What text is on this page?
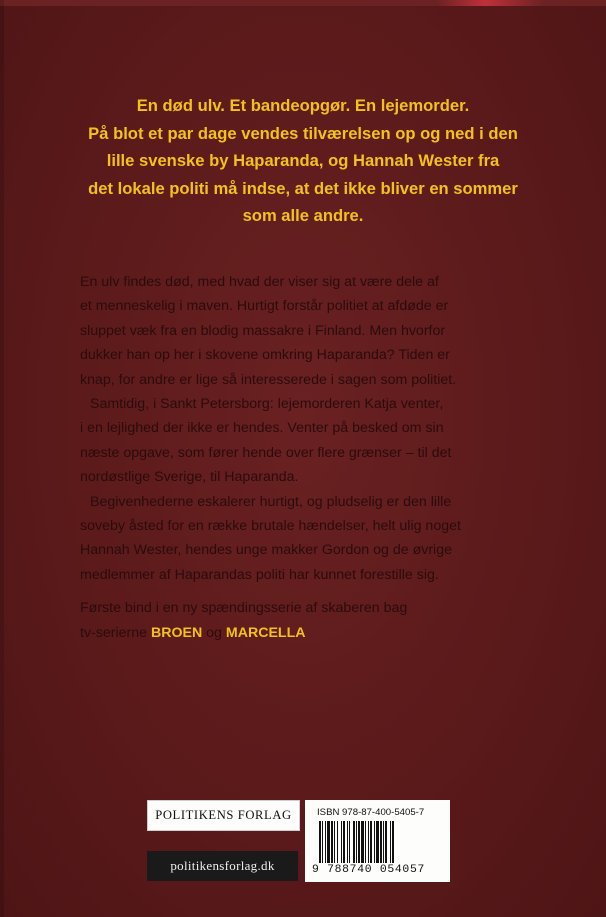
En død ulv. Et bandeopgør. En lejemorder.
På blot et par dage vendes tilværelsen op og ned i den
lille svenske by Haparanda, og Hannah Wester fra
det lokale politi må indse, at det ikke bliver en sommer
som alle andre.

En ulv findes død, med hvad der viser sig at være dele af
et menneskelig i maven. Hurtigt forstår politiet at afdøde er
sluppet væk fra en blodig massakre i Finland. Men hvorfor
dukker han op her i skovene omkring Haparanda? Tiden er
knap, for andre er lige så interesserede i sagen som politiet.

Samtidig, i Sankt Petersborg: lejemorderen Katja venter,
i en lejlighed der ikke er hendes. Venter på besked om sin
næste opgave, som fører hende over flere grænser – til det
nordøstlige Sverige, til Haparanda.

Begivenhederne eskalerer hurtigt, og pludselig er den lille
soveby åsted for en række brutale hændelser, helt ulig noget
Hannah Wester, hendes unge makker Gordon og de øvrige
medlemmer af Haparandas politi har kunnet forestille sig.

Første bind i en ny spændingsserie af skaberen bag
tv-serierne BROEN og MARCELLA

POLITIKENS FORLAG
politikensforlag.dk
ISBN 978-87-400-5405-7
9 788740 054057
